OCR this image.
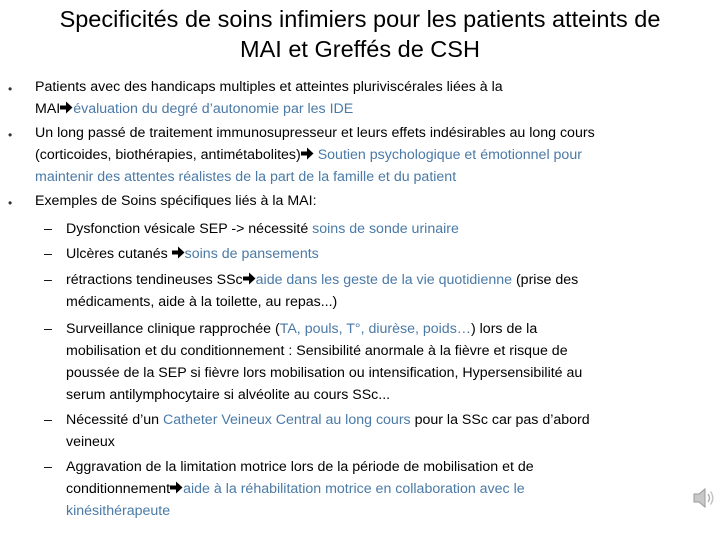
Specificités de soins infimiers pour les patients atteints de
MAI et Greffés de CSH
• Patients avec des handicaps multiples et atteintes pluriviscérales liées à la
MAI évaluation du degré d’autonomie par les IDE
• Un long passé de traitement immunosupresseur et leurs effets indésirables au long cours
(corticoides, biothérapies, antimétabolites) Soutien psychologique et émotionnel pour
maintenir des attentes réalistes de la part de la famille et du patient
• Exemples de Soins spécifiques liés à la MAI:
– Dysfonction vésicale SEP -> nécessité soins de sonde urinaire
– Ulcères cutanés soins de pansements
– rétractions tendineuses SSc aide dans les geste de la vie quotidienne (prise des
médicaments, aide à la toilette, au repas...)
– Surveillance clinique rapprochée (TA, pouls, T°, diurèse, poids…) lors de la
mobilisation et du conditionnement : Sensibilité anormale à la fièvre et risque de
poussée de la SEP si fièvre lors mobilisation ou intensification, Hypersensibilité au
serum antilymphocytaire si alvéolite au cours SSc...
– Nécessité d’un Catheter Veineux Central au long cours pour la SSc car pas d’abord
veineux
– Aggravation de la limitation motrice lors de la période de mobilisation et de
conditionnement aide à la réhabilitation motrice en collaboration avec le
kinésithérapeute
